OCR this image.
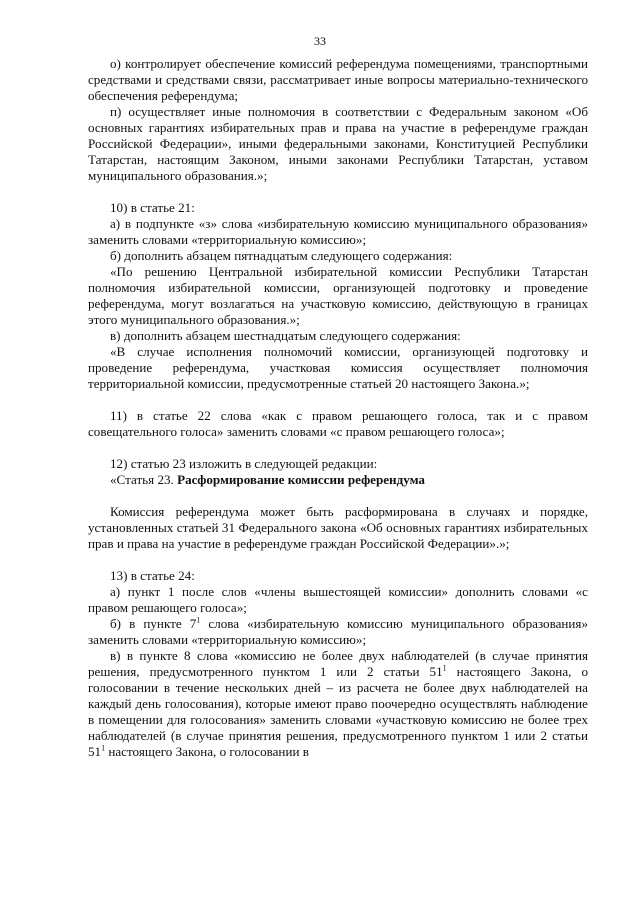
33

о) контролирует обеспечение комиссий референдума помещениями, транспортными средствами и средствами связи, рассматривает иные вопросы материально-технического обеспечения референдума;

п) осуществляет иные полномочия в соответствии с Федеральным законом «Об основных гарантиях избирательных прав и права на участие в референдуме граждан Российской Федерации», иными федеральными законами, Конституцией Республики Татарстан, настоящим Законом, иными законами Республики Татарстан, уставом муниципального образования.»;

10) в статье 21:

а) в подпункте «з» слова «избирательную комиссию муниципального образования» заменить словами «территориальную комиссию»;

б) дополнить абзацем пятнадцатым следующего содержания:

«По решению Центральной избирательной комиссии Республики Татарстан полномочия избирательной комиссии, организующей подготовку и проведение референдума, могут возлагаться на участковую комиссию, действующую в границах этого муниципального образования.»;

в) дополнить абзацем шестнадцатым следующего содержания:

«В случае исполнения полномочий комиссии, организующей подготовку и проведение референдума, участковая комиссия осуществляет полномочия территориальной комиссии, предусмотренные статьей 20 настоящего Закона.»;

11) в статье 22 слова «как с правом решающего голоса, так и с правом совещательного голоса» заменить словами «с правом решающего голоса»;

12) статью 23 изложить в следующей редакции:

«Статья 23. Расформирование комиссии референдума

Комиссия референдума может быть расформирована в случаях и порядке, установленных статьей 31 Федерального закона «Об основных гарантиях избирательных прав и права на участие в референдуме граждан Российской Федерации».»;

13) в статье 24:

а) пункт 1 после слов «члены вышестоящей комиссии» дополнить словами «с правом решающего голоса»;

б) в пункте $7^1$ слова «избирательную комиссию муниципального образования» заменить словами «территориальную комиссию»;

в) в пункте 8 слова «комиссию не более двух наблюдателей (в случае принятия решения, предусмотренного пунктом 1 или 2 статьи $51^1$ настоящего Закона, о голосовании в течение нескольких дней – из расчета не более двух наблюдателей на каждый день голосования), которые имеют право поочередно осуществлять наблюдение в помещении для голосования» заменить словами «участковую комиссию не более трех наблюдателей (в случае принятия решения, предусмотренного пунктом 1 или 2 статьи $51^1$ настоящего Закона, о голосовании в
